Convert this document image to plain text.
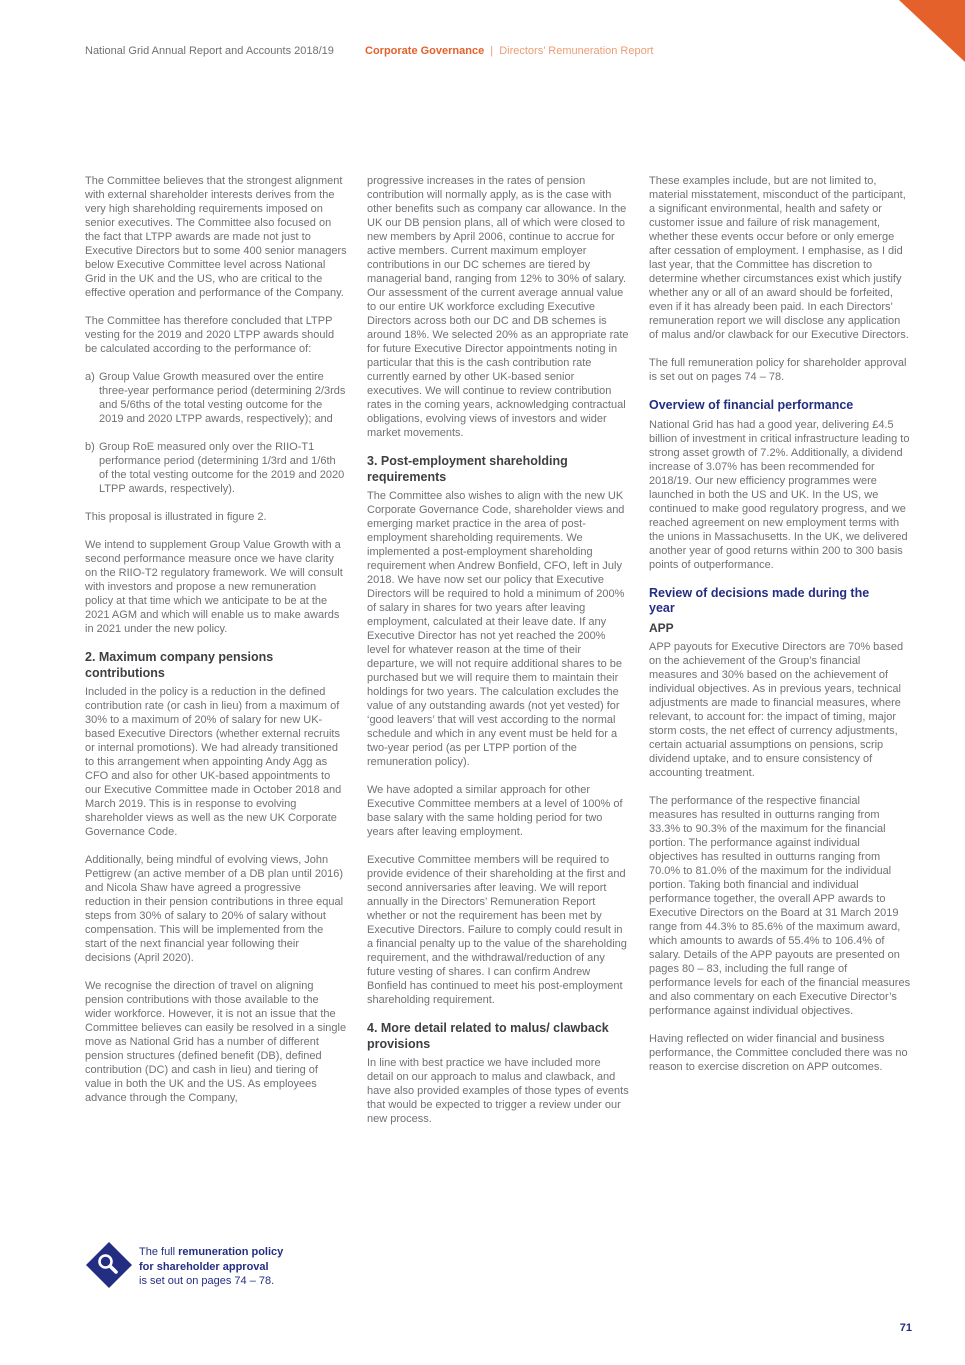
National Grid Annual Report and Accounts 2018/19	Corporate Governance | Directors’ Remuneration Report

The Committee believes that the strongest alignment with external shareholder interests derives from the very high shareholding requirements imposed on senior executives. The Committee also focused on the fact that LTPP awards are made not just to Executive Directors but to some 400 senior managers below Executive Committee level across National Grid in the UK and the US, who are critical to the effective operation and performance of the Company.

The Committee has therefore concluded that LTPP vesting for the 2019 and 2020 LTPP awards should be calculated according to the performance of:

a) Group Value Growth measured over the entire three-year performance period (determining 2/3rds and 5/6ths of the total vesting outcome for the 2019 and 2020 LTPP awards, respectively); and
b) Group RoE measured only over the RIIO-T1 performance period (determining 1/3rd and 1/6th of the total vesting outcome for the 2019 and 2020 LTPP awards, respectively).

This proposal is illustrated in figure 2.

We intend to supplement Group Value Growth with a second performance measure once we have clarity on the RIIO-T2 regulatory framework. We will consult with investors and propose a new remuneration policy at that time which we anticipate to be at the 2021 AGM and which will enable us to make awards in 2021 under the new policy.

2. Maximum company pensions contributions

Included in the policy is a reduction in the defined contribution rate (or cash in lieu) from a maximum of 30% to a maximum of 20% of salary for new UK-based Executive Directors (whether external recruits or internal promotions). We had already transitioned to this arrangement when appointing Andy Agg as CFO and also for other UK-based appointments to our Executive Committee made in October 2018 and March 2019. This is in response to evolving shareholder views as well as the new UK Corporate Governance Code.

Additionally, being mindful of evolving views, John Pettigrew (an active member of a DB plan until 2016) and Nicola Shaw have agreed a progressive reduction in their pension contributions in three equal steps from 30% of salary to 20% of salary without compensation. This will be implemented from the start of the next financial year following their decisions (April 2020).

We recognise the direction of travel on aligning pension contributions with those available to the wider workforce. However, it is not an issue that the Committee believes can easily be resolved in a single move as National Grid has a number of different pension structures (defined benefit (DB), defined contribution (DC) and cash in lieu) and tiering of value in both the UK and the US. As employees advance through the Company,

progressive increases in the rates of pension contribution will normally apply, as is the case with other benefits such as company car allowance. In the UK our DB pension plans, all of which were closed to new members by April 2006, continue to accrue for active members. Current maximum employer contributions in our DC schemes are tiered by managerial band, ranging from 12% to 30% of salary. Our assessment of the current average annual value to our entire UK workforce excluding Executive Directors across both our DC and DB schemes is around 18%. We selected 20% as an appropriate rate for future Executive Director appointments noting in particular that this is the cash contribution rate currently earned by other UK-based senior executives. We will continue to review contribution rates in the coming years, acknowledging contractual obligations, evolving views of investors and wider market movements.

3. Post-employment shareholding requirements

The Committee also wishes to align with the new UK Corporate Governance Code, shareholder views and emerging market practice in the area of post-employment shareholding requirements. We implemented a post-employment shareholding requirement when Andrew Bonfield, CFO, left in July 2018. We have now set our policy that Executive Directors will be required to hold a minimum of 200% of salary in shares for two years after leaving employment, calculated at their leave date. If any Executive Director has not yet reached the 200% level for whatever reason at the time of their departure, we will not require additional shares to be purchased but we will require them to maintain their holdings for two years. The calculation excludes the value of any outstanding awards (not yet vested) for ‘good leavers’ that will vest according to the normal schedule and which in any event must be held for a two-year period (as per LTPP portion of the remuneration policy).

We have adopted a similar approach for other Executive Committee members at a level of 100% of base salary with the same holding period for two years after leaving employment.

Executive Committee members will be required to provide evidence of their shareholding at the first and second anniversaries after leaving. We will report annually in the Directors’ Remuneration Report whether or not the requirement has been met by Executive Directors. Failure to comply could result in a financial penalty up to the value of the shareholding requirement, and the withdrawal/reduction of any future vesting of shares. I can confirm Andrew Bonfield has continued to meet his post-employment shareholding requirement.

4. More detail related to malus/ clawback provisions

In line with best practice we have included more detail on our approach to malus and clawback, and have also provided examples of those types of events that would be expected to trigger a review under our new process.

These examples include, but are not limited to, material misstatement, misconduct of the participant, a significant environmental, health and safety or customer issue and failure of risk management, whether these events occur before or only emerge after cessation of employment. I emphasise, as I did last year, that the Committee has discretion to determine whether circumstances exist which justify whether any or all of an award should be forfeited, even if it has already been paid. In each Directors’ remuneration report we will disclose any application of malus and/or clawback for our Executive Directors.

The full remuneration policy for shareholder approval is set out on pages 74 – 78.

Overview of financial performance

National Grid has had a good year, delivering £4.5 billion of investment in critical infrastructure leading to strong asset growth of 7.2%. Additionally, a dividend increase of 3.07% has been recommended for 2018/19. Our new efficiency programmes were launched in both the US and UK. In the US, we continued to make good regulatory progress, and we reached agreement on new employment terms with the unions in Massachusetts. In the UK, we delivered another year of good returns within 200 to 300 basis points of outperformance.

Review of decisions made during the year
APP

APP payouts for Executive Directors are 70% based on the achievement of the Group’s financial measures and 30% based on the achievement of individual objectives. As in previous years, technical adjustments are made to financial measures, where relevant, to account for: the impact of timing, major storm costs, the net effect of currency adjustments, certain actuarial assumptions on pensions, scrip dividend uptake, and to ensure consistency of accounting treatment.

The performance of the respective financial measures has resulted in outturns ranging from 33.3% to 90.3% of the maximum for the financial portion. The performance against individual objectives has resulted in outturns ranging from 70.0% to 81.0% of the maximum for the individual portion. Taking both financial and individual performance together, the overall APP awards to Executive Directors on the Board at 31 March 2019 range from 44.3% to 85.6% of the maximum award, which amounts to awards of 55.4% to 106.4% of salary. Details of the APP payouts are presented on pages 80 – 83, including the full range of performance levels for each of the financial measures and also commentary on each Executive Director’s performance against individual objectives.

Having reflected on wider financial and business performance, the Committee concluded there was no reason to exercise discretion on APP outcomes.

The full remuneration policy
for shareholder approval
is set out on pages 74 – 78.
71
